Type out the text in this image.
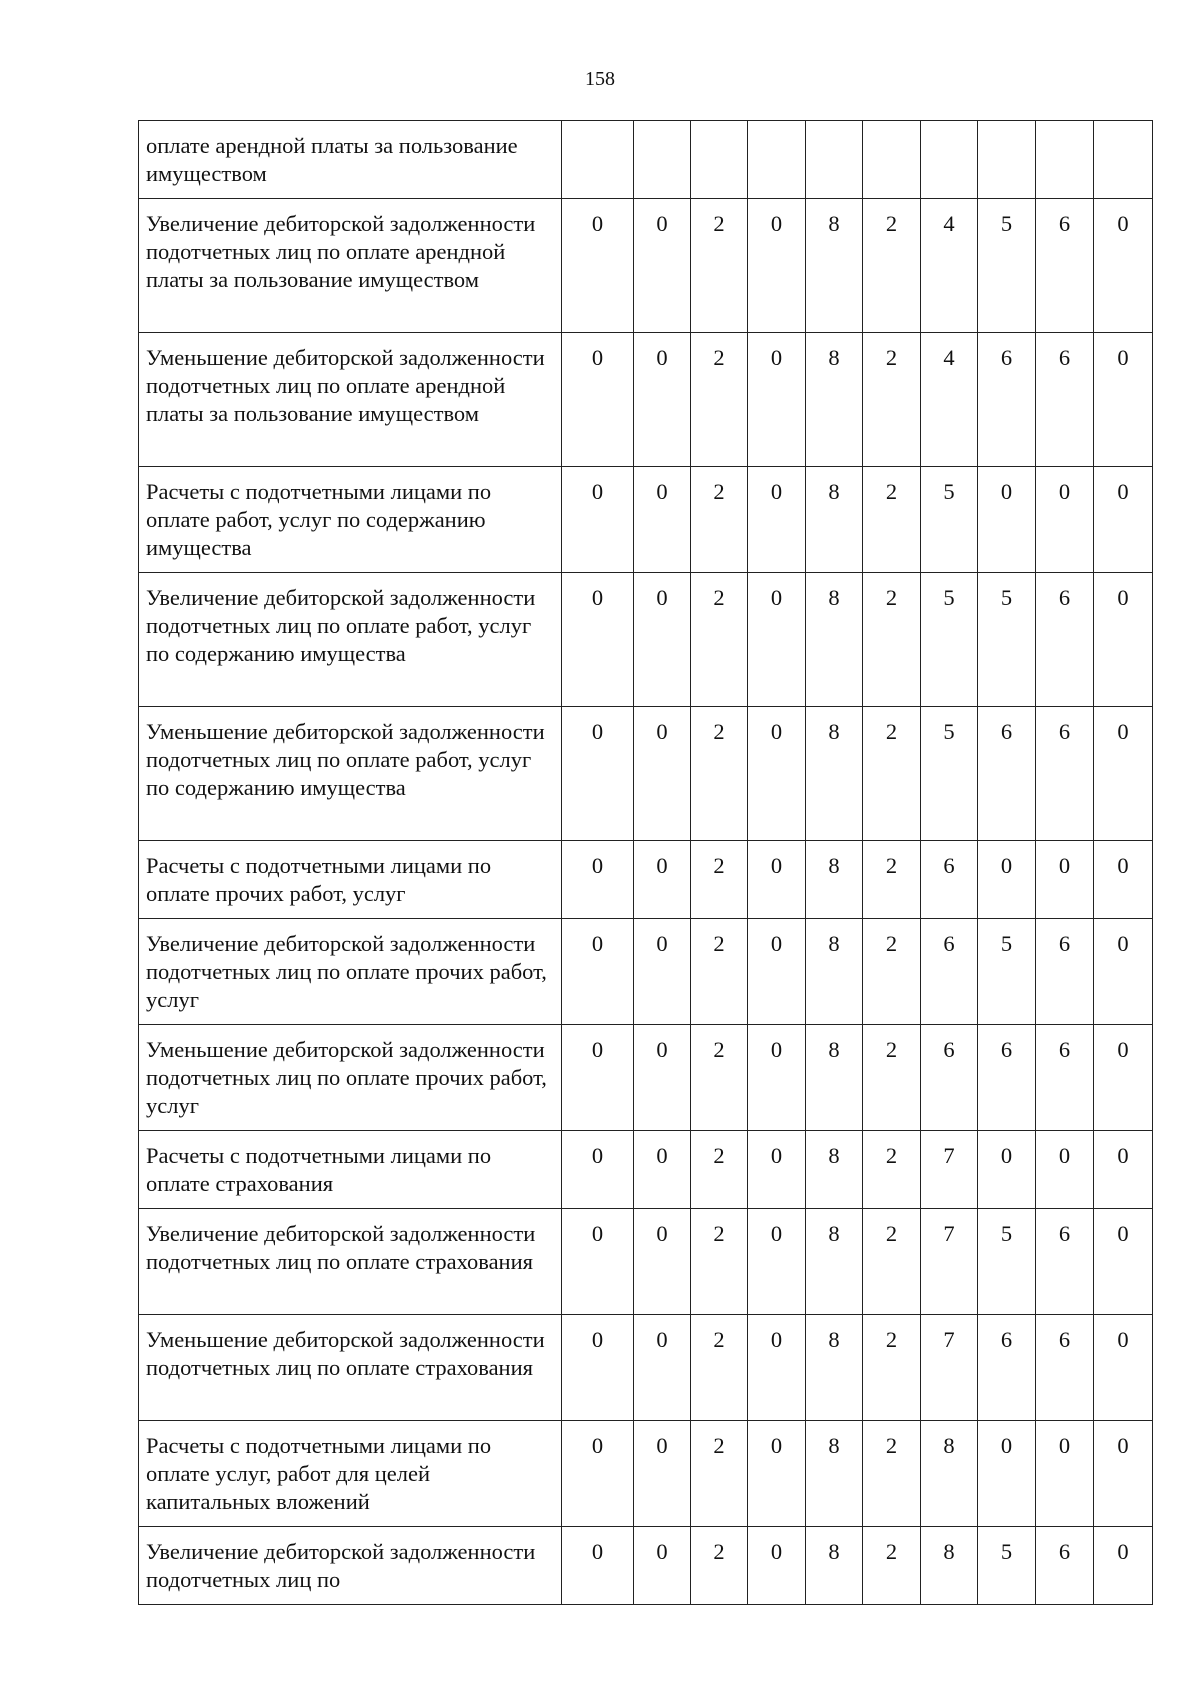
158
оплате арендной платы за пользование имуществом										
Увеличение дебиторской задолженности подотчетных лиц по оплате арендной платы за пользование имуществом	0	0	2	0	8	2	4	5	6	0
Уменьшение дебиторской задолженности подотчетных лиц по оплате арендной платы за пользование имуществом	0	0	2	0	8	2	4	6	6	0
Расчеты с подотчетными лицами по оплате работ, услуг по содержанию имущества	0	0	2	0	8	2	5	0	0	0
Увеличение дебиторской задолженности подотчетных лиц по оплате работ, услуг по содержанию имущества	0	0	2	0	8	2	5	5	6	0
Уменьшение дебиторской задолженности подотчетных лиц по оплате работ, услуг по содержанию имущества	0	0	2	0	8	2	5	6	6	0
Расчеты с подотчетными лицами по оплате прочих работ, услуг	0	0	2	0	8	2	6	0	0	0
Увеличение дебиторской задолженности подотчетных лиц по оплате прочих работ, услуг	0	0	2	0	8	2	6	5	6	0
Уменьшение дебиторской задолженности подотчетных лиц по оплате прочих работ, услуг	0	0	2	0	8	2	6	6	6	0
Расчеты с подотчетными лицами по оплате страхования	0	0	2	0	8	2	7	0	0	0
Увеличение дебиторской задолженности подотчетных лиц по оплате страхования	0	0	2	0	8	2	7	5	6	0
Уменьшение дебиторской задолженности подотчетных лиц по оплате страхования	0	0	2	0	8	2	7	6	6	0
Расчеты с подотчетными лицами по оплате услуг, работ для целей капитальных вложений	0	0	2	0	8	2	8	0	0	0
Увеличение дебиторской задолженности подотчетных лиц по	0	0	2	0	8	2	8	5	6	0
